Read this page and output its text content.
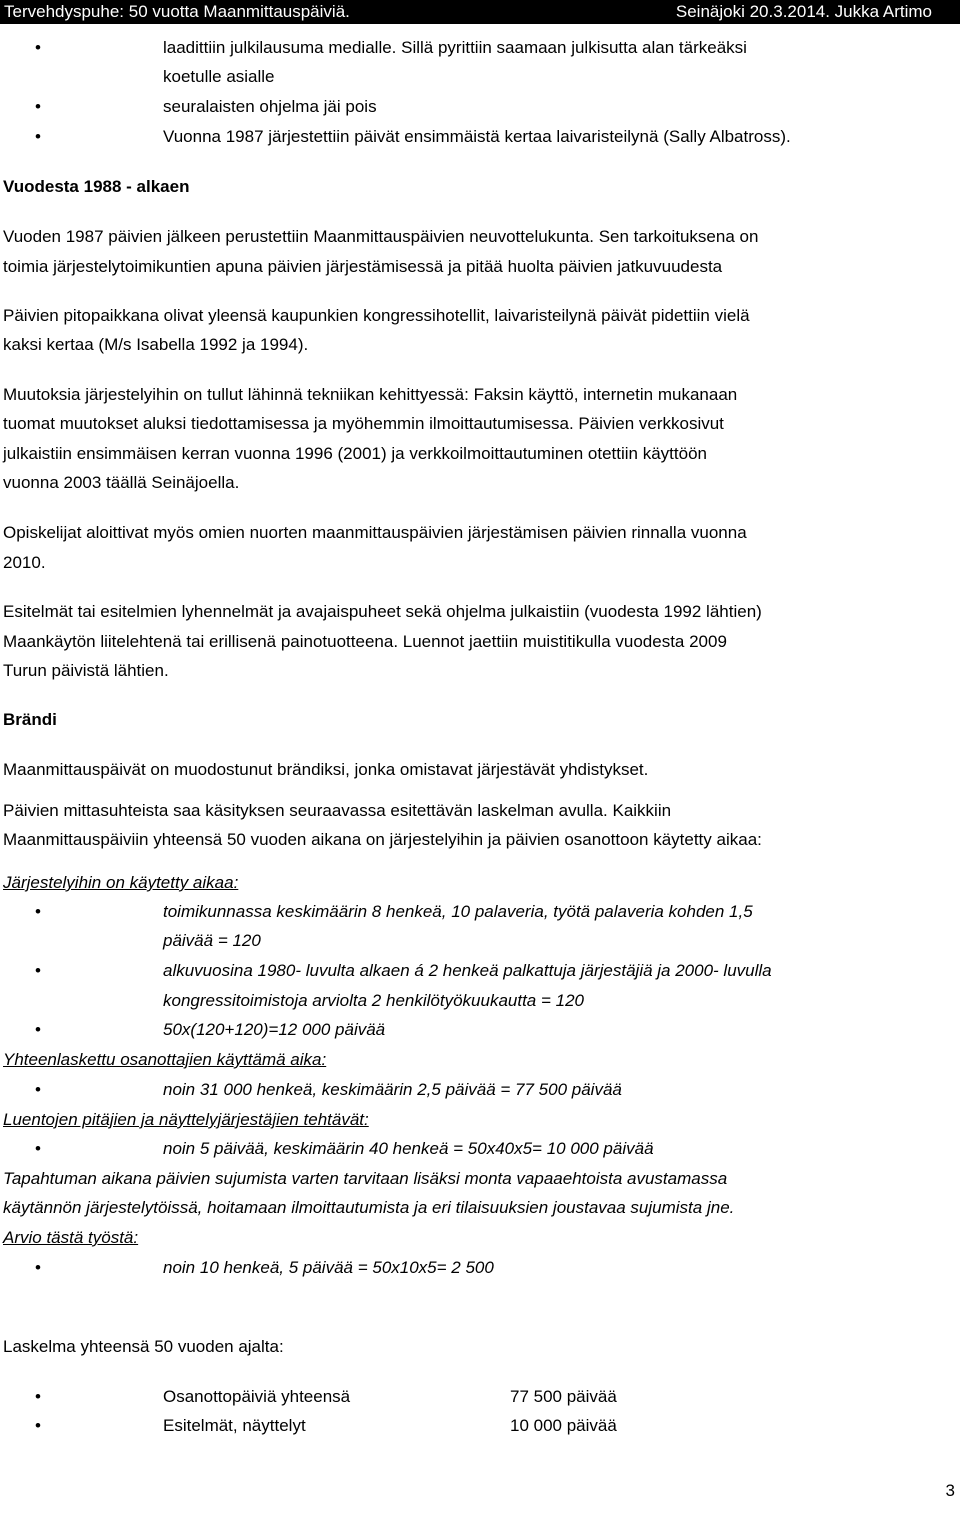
Tervehdyspuhe: 50 vuotta Maanmittauspäiviä.	Seinäjoki 20.3.2014. Jukka Artimo
•	laadittiin julkilausuma medialle. Sillä pyrittiin saamaan julkisutta alan tärkeäksi
koetulle asialle
•	seuralaisten ohjelma jäi pois
•	Vuonna 1987 järjestettiin päivät ensimmäistä kertaa laivaristeilynä (Sally Albatross).
Vuodesta 1988 - alkaen
Vuoden 1987 päivien jälkeen perustettiin Maanmittauspäivien neuvottelukunta. Sen tarkoituksena on
toimia järjestelytoimikuntien apuna päivien järjestämisessä ja pitää huolta päivien jatkuvuudesta
Päivien pitopaikkana olivat yleensä kaupunkien kongressihotellit, laivaristeilynä päivät pidettiin vielä
kaksi kertaa (M/s Isabella 1992 ja 1994).
Muutoksia järjestelyihin on tullut lähinnä tekniikan kehittyessä: Faksin käyttö, internetin mukanaan
tuomat muutokset aluksi tiedottamisessa ja myöhemmin ilmoittautumisessa. Päivien verkkosivut
julkaistiin ensimmäisen kerran vuonna 1996 (2001) ja verkkoilmoittautuminen otettiin käyttöön
vuonna 2003 täällä Seinäjoella.
Opiskelijat aloittivat myös omien nuorten maanmittauspäivien järjestämisen päivien rinnalla vuonna
2010.
Esitelmät tai esitelmien lyhennelmät ja avajaispuheet sekä ohjelma julkaistiin (vuodesta 1992 lähtien)
Maankäytön liitelehtenä tai erillisenä painotuotteena. Luennot jaettiin muistitikulla vuodesta 2009
Turun päivistä lähtien.
Brändi
Maanmittauspäivät on muodostunut brändiksi, jonka omistavat järjestävät yhdistykset.
Päivien mittasuhteista saa käsityksen seuraavassa esitettävän laskelman avulla. Kaikkiin
Maanmittauspäiviin yhteensä 50 vuoden aikana on järjestelyihin ja päivien osanottoon käytetty aikaa:
Järjestelyihin on käytetty aikaa:
•	toimikunnassa keskimäärin 8 henkeä, 10 palaveria, työtä palaveria kohden 1,5
päivää = 120
•	alkuvuosina 1980- luvulta alkaen á 2 henkeä palkattuja järjestäjiä ja 2000- luvulla
kongressitoimistoja arviolta 2 henkilötyökuukautta = 120
•	50x(120+120)=12 000 päivää
Yhteenlaskettu osanottajien käyttämä aika:
•	noin 31 000 henkeä, keskimäärin 2,5 päivää = 77 500 päivää
Luentojen pitäjien ja näyttelyjärjestäjien tehtävät:
•	noin 5 päivää, keskimäärin 40 henkeä = 50x40x5= 10 000 päivää
Tapahtuman aikana päivien sujumista varten tarvitaan lisäksi monta vapaaehtoista avustamassa
käytännön järjestelytöissä, hoitamaan ilmoittautumista ja eri tilaisuuksien joustavaa sujumista jne.
Arvio tästä työstä:
•	noin 10 henkeä, 5 päivää = 50x10x5= 2 500
Laskelma yhteensä 50 vuoden ajalta:
•	Osanottopäiviä yhteensä	77 500 päivää
•	Esitelmät, näyttelyt	10 000 päivää
3
